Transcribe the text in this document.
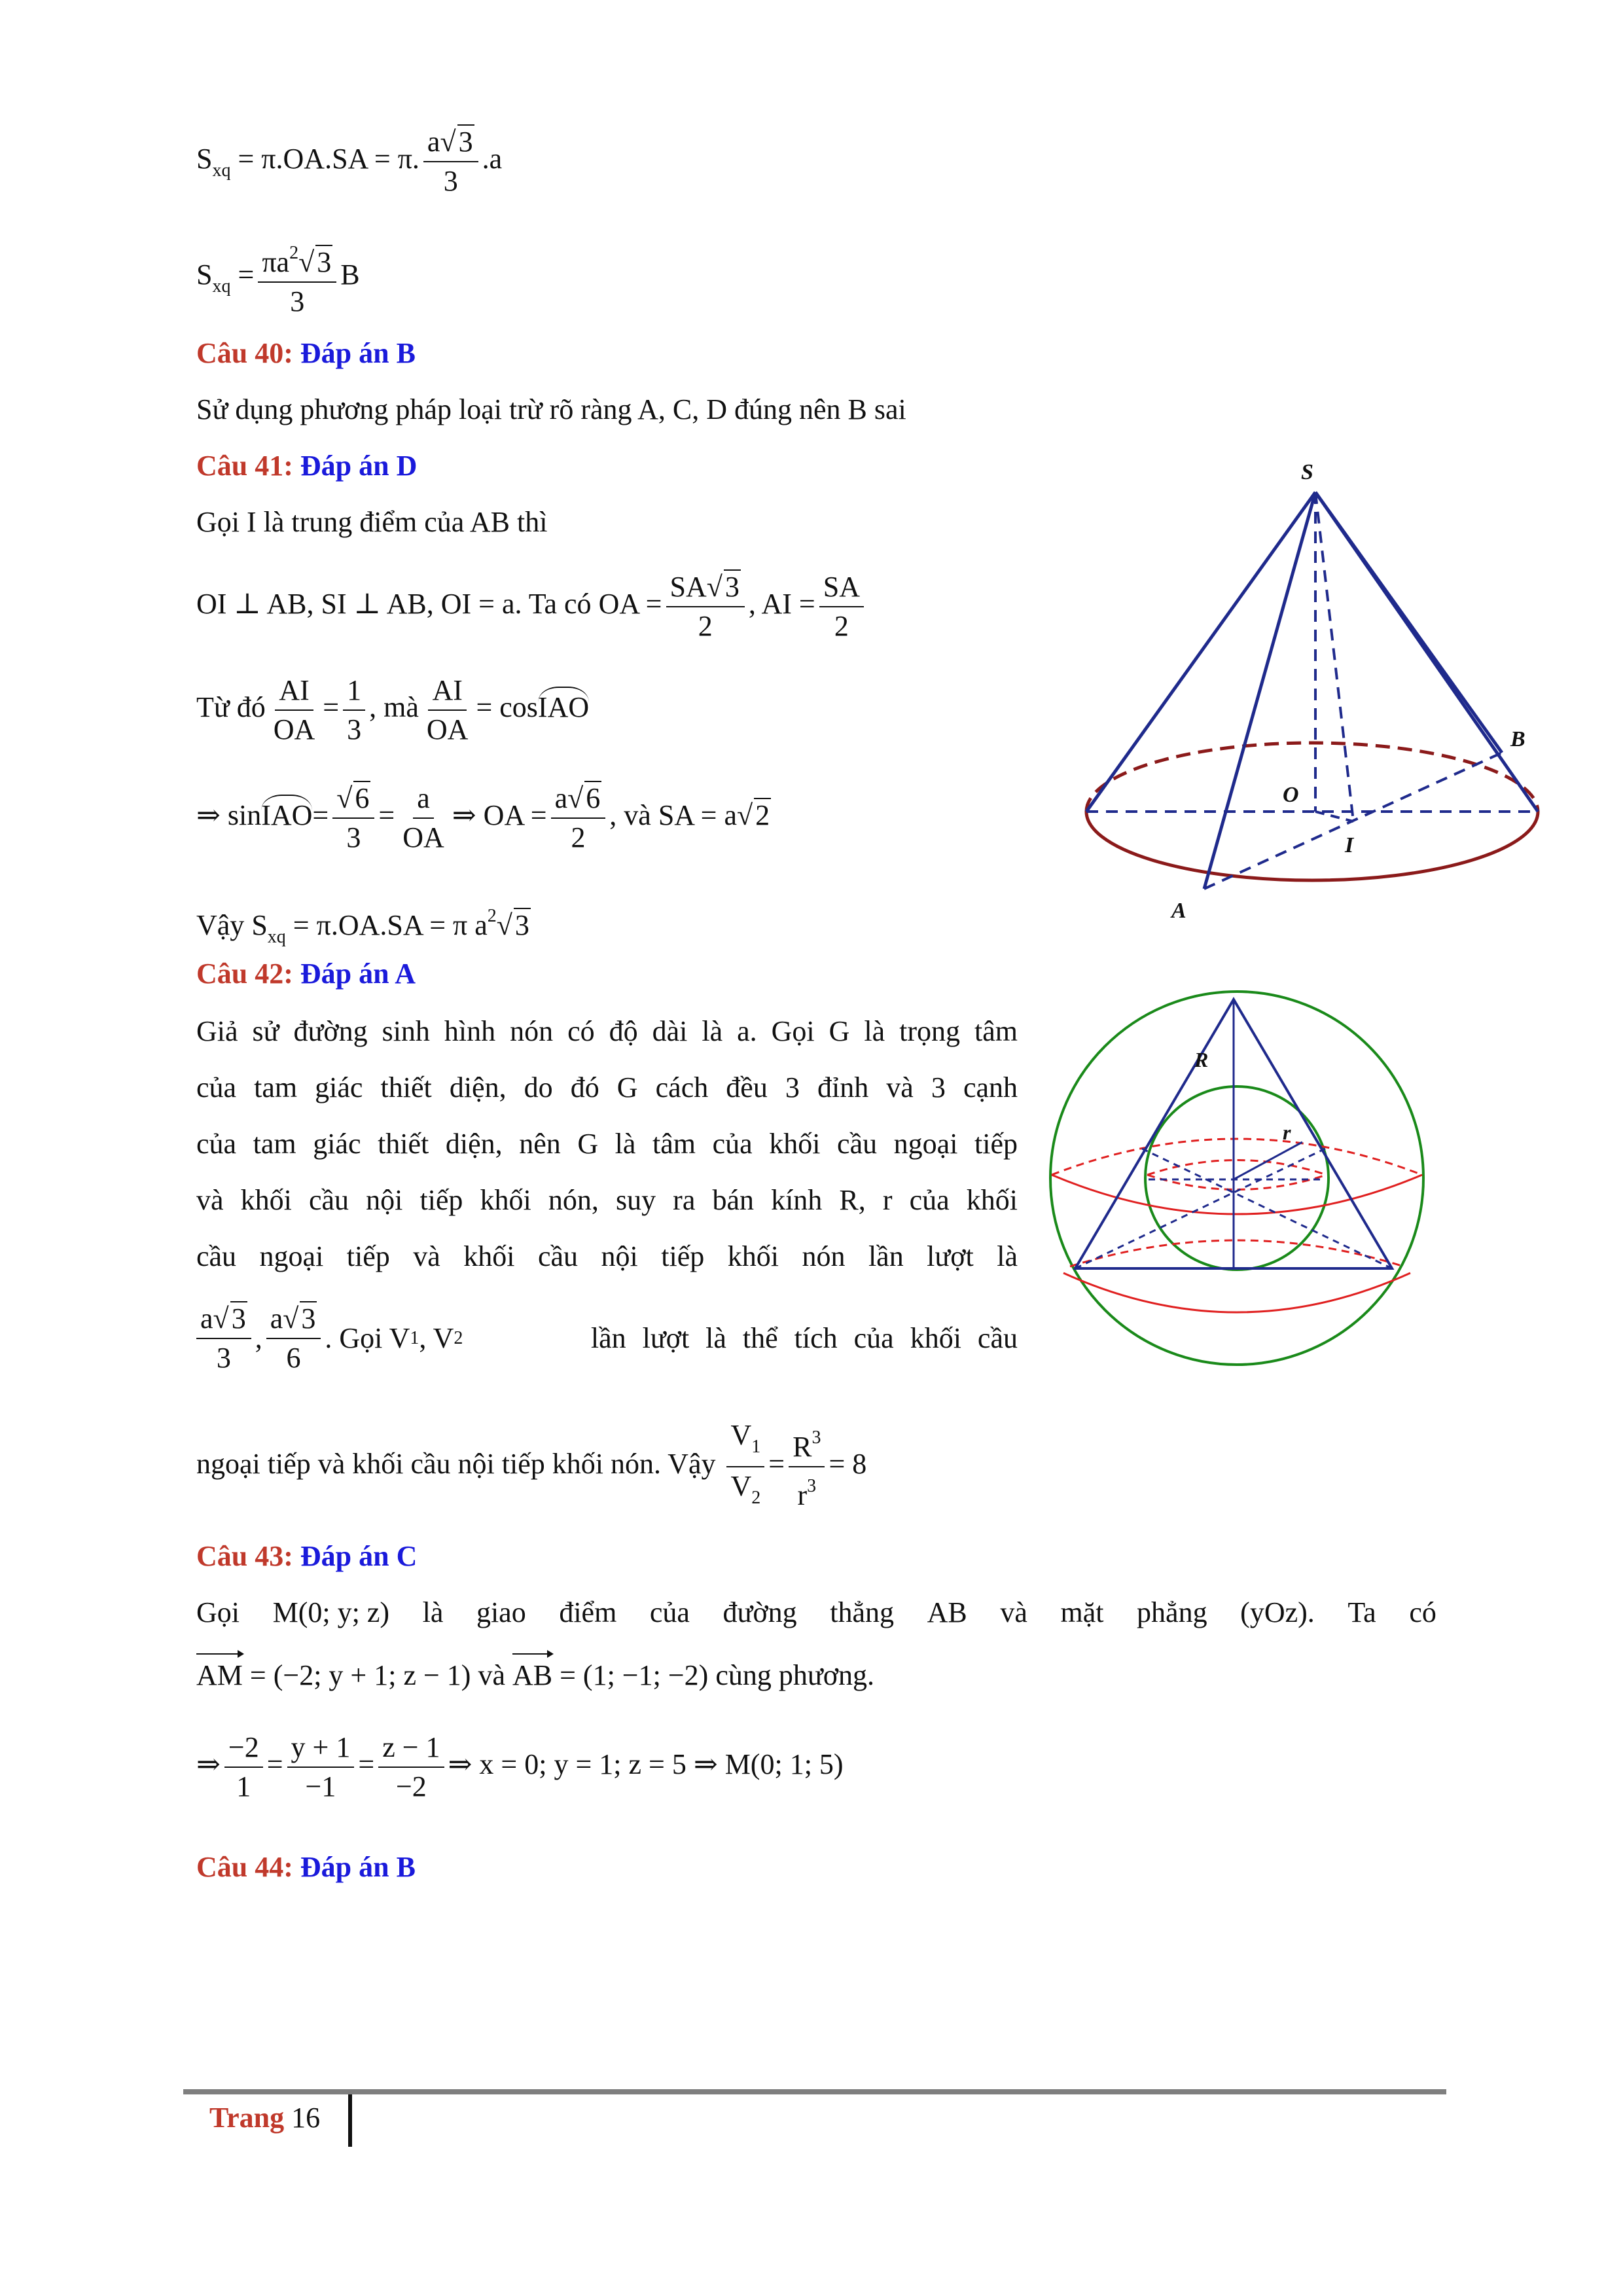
$S_{xq} = \pi.OA.SA = \pi$. $\frac{a √ 3}{3} .a$
$S_{xq} = \frac{\pi a^2 √ 3}{3}$ B
Câu 40: Đáp án B
Sử dụng phương pháp loại trừ rõ ràng A, C, D đúng nên B sai
Câu 41: Đáp án D
Gọi I là trung điểm của AB thì
OI ⊥ AB, SI ⊥ AB, OI = a. Ta có OA = $\frac{SA √ 3}{2}$ , AI = $\frac{SA}{2}$
Từ đó $\frac{AI}{OA} = \frac{1}{3}$ , mà $\frac{AI}{OA}$ = cosIAO
⇒ sinIAO= √ $\frac{6}{3} = \frac{a}{OA}$ ⇒ OA = $\frac{a √ 6}{2}$ , và SA = a √ 2
Vậy $S_{xq} = \pi.OA.SA = \pi$ $a^2$ √ 3
S
B
O
I
A
Câu 42: Đáp án A
Giả sử đường sinh hình nón có độ dài là a. Gọi G là trọng tâm
của tam giác thiết diện, do đó G cách đều 3 đỉnh và 3 cạnh
của tam giác thiết diện, nên G là tâm của khối cầu ngoại tiếp
và khối cầu nội tiếp khối nón, suy ra bán kính R, r của khối
cầu ngoại tiếp và khối cầu nội tiếp khối nón lần lượt là
$\frac{a √ 3}{3}$ , $\frac{a √ 3}{6}$ . Gọi V 1 , V 2	lần lượt là thể tích của khối cầu
ngoại tiếp và khối cầu nội tiếp khối nón. Vậy $\frac{V_1}{V_2} = \frac{R^3}{r^3} = 8$
R
r
Câu 43: Đáp án C
Gọi M(0; y; z) là giao điểm của đường thẳng AB và mặt phẳng (yOz). Ta có
AM = (−2; y + 1; z − 1) và AB = (1; −1; −2) cùng phương.
⇒ $\frac{-2}{1} = \frac{y + 1}{-1} = \frac{z - 1}{-2}$ ⇒ x = 0; y = 1; z = 5 ⇒ M(0; 1; 5)
Câu 44: Đáp án B
Trang 16
